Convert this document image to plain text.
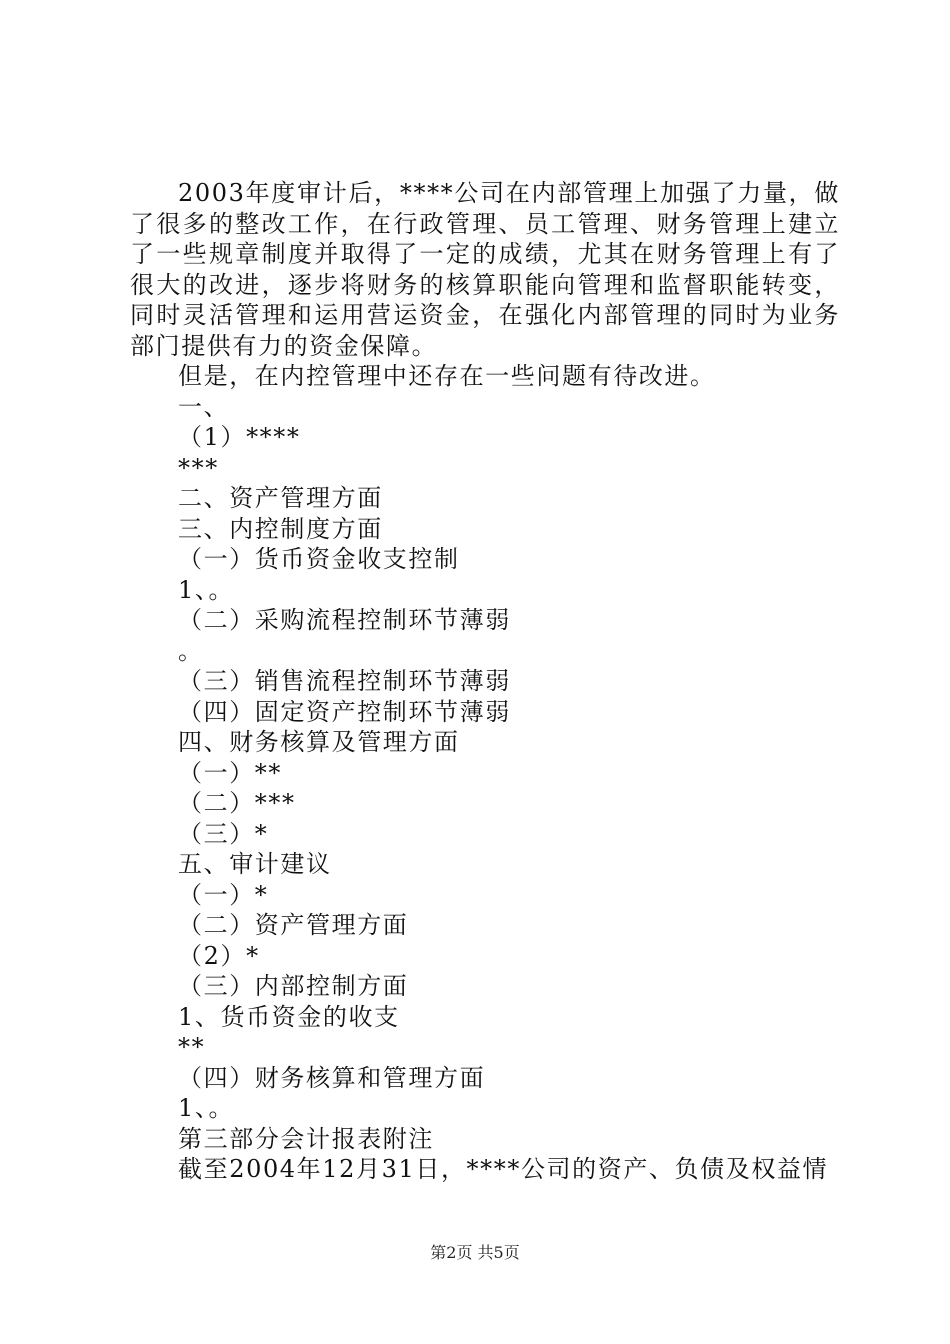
2003年度审计后，****公司在内部管理上加强了力量，做了很多的整改工作，在行政管理、员工管理、财务管理上建立了一些规章制度并取得了一定的成绩，尤其在财务管理上有了很大的改进，逐步将财务的核算职能向管理和监督职能转变，同时灵活管理和运用营运资金，在强化内部管理的同时为业务部门提供有力的资金保障。

但是，在内控管理中还存在一些问题有待改进。

一、

（1）****

***

二、资产管理方面

三、内控制度方面

（一）货币资金收支控制

1、。

（二）采购流程控制环节薄弱

。

（三）销售流程控制环节薄弱

（四）固定资产控制环节薄弱

四、财务核算及管理方面

（一）**

（二）***

（三）*

五、审计建议

（一）*

（二）资产管理方面

（2）*

（三）内部控制方面

1、货币资金的收支

**

（四）财务核算和管理方面

1、。

第三部分会计报表附注

截至2004年12月31日，****公司的资产、负债及权益情

第2页 共5页
